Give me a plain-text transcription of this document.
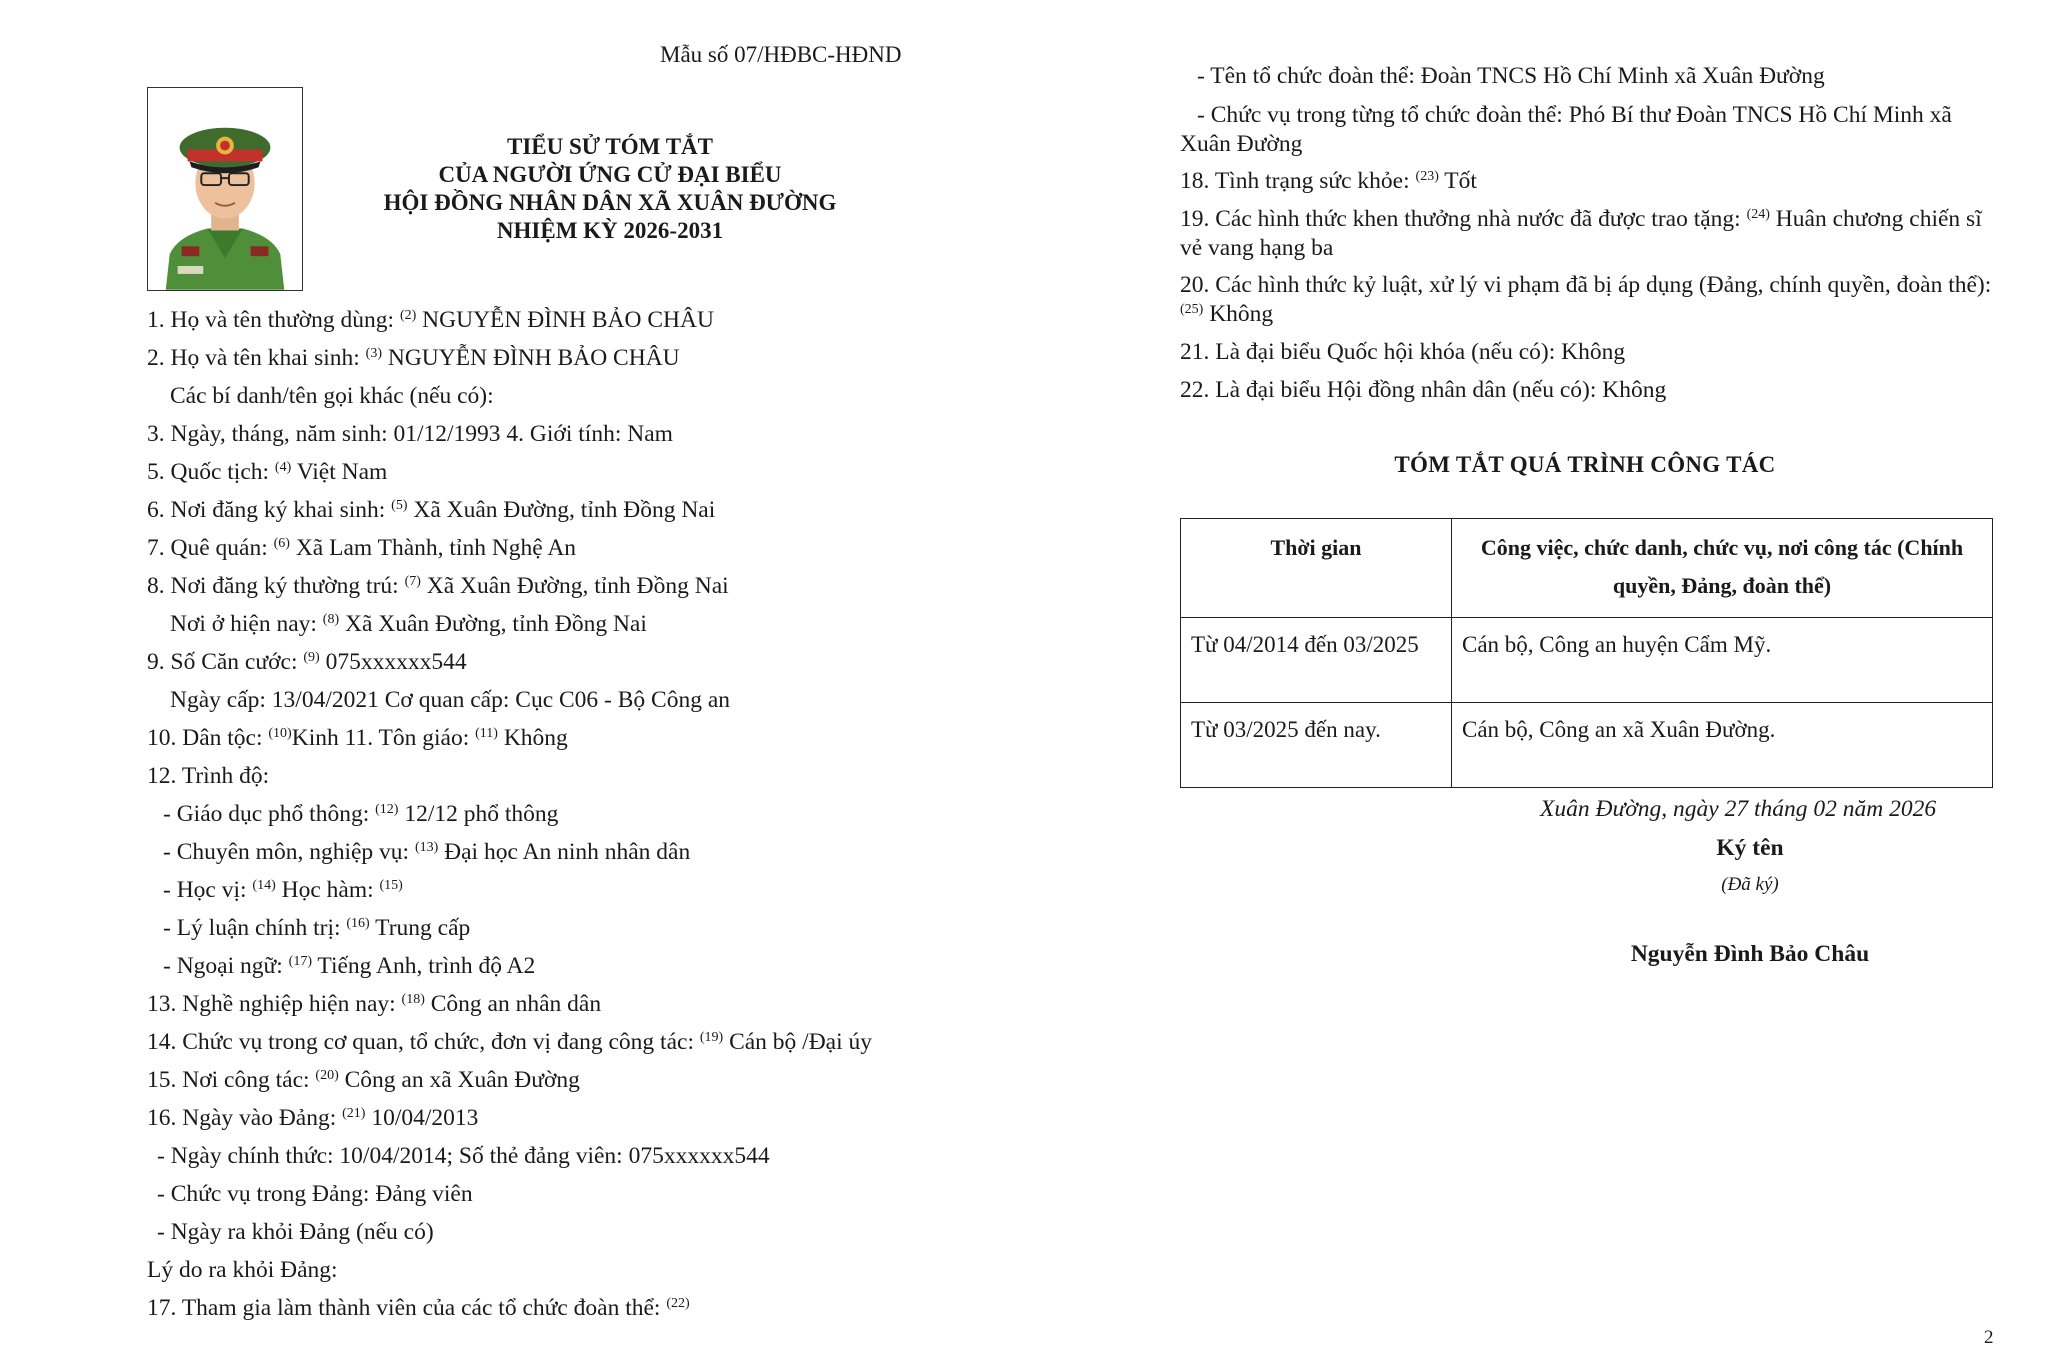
Mẫu số 07/HĐBC-HĐND
TIỂU SỬ TÓM TẮT
CỦA NGƯỜI ỨNG CỬ ĐẠI BIỂU
HỘI ĐỒNG NHÂN DÂN XÃ XUÂN ĐƯỜNG
NHIỆM KỲ 2026-2031
1. Họ và tên thường dùng: $^{(2)}$ NGUYỄN ĐÌNH BẢO CHÂU
2. Họ và tên khai sinh: $^{(3)}$ NGUYỄN ĐÌNH BẢO CHÂU
Các bí danh/tên gọi khác (nếu có):
3. Ngày, tháng, năm sinh: 01/12/1993 4. Giới tính: Nam
5. Quốc tịch: $^{(4)}$ Việt Nam
6. Nơi đăng ký khai sinh: $^{(5)}$ Xã Xuân Đường, tỉnh Đồng Nai
7. Quê quán: $^{(6)}$ Xã Lam Thành, tỉnh Nghệ An
8. Nơi đăng ký thường trú: $^{(7)}$ Xã Xuân Đường, tỉnh Đồng Nai
Nơi ở hiện nay: $^{(8)}$ Xã Xuân Đường, tỉnh Đồng Nai
9. Số Căn cước: $^{(9)}$ 075xxxxxx544
Ngày cấp: 13/04/2021 Cơ quan cấp: Cục C06 - Bộ Công an
10. Dân tộc: $^{(10)}$Kinh 11. Tôn giáo: $^{(11)}$ Không
12. Trình độ:
- Giáo dục phổ thông: $^{(12)}$ 12/12 phổ thông
- Chuyên môn, nghiệp vụ: $^{(13)}$ Đại học An ninh nhân dân
- Học vị: $^{(14)}$ Học hàm: $^{(15)}$
- Lý luận chính trị: $^{(16)}$ Trung cấp
- Ngoại ngữ: $^{(17)}$ Tiếng Anh, trình độ A2
13. Nghề nghiệp hiện nay: $^{(18)}$ Công an nhân dân
14. Chức vụ trong cơ quan, tổ chức, đơn vị đang công tác: $^{(19)}$ Cán bộ /Đại úy
15. Nơi công tác: $^{(20)}$ Công an xã Xuân Đường
16. Ngày vào Đảng: $^{(21)}$ 10/04/2013
- Ngày chính thức: 10/04/2014; Số thẻ đảng viên: 075xxxxxx544
- Chức vụ trong Đảng: Đảng viên
- Ngày ra khỏi Đảng (nếu có)
Lý do ra khỏi Đảng:
17. Tham gia làm thành viên của các tổ chức đoàn thể: $^{(22)}$
- Tên tổ chức đoàn thể: Đoàn TNCS Hồ Chí Minh xã Xuân Đường
- Chức vụ trong từng tổ chức đoàn thể: Phó Bí thư Đoàn TNCS Hồ Chí Minh xã
Xuân Đường
18. Tình trạng sức khỏe: $^{(23)}$ Tốt
19. Các hình thức khen thưởng nhà nước đã được trao tặng: $^{(24)}$ Huân chương chiến sĩ
vẻ vang hạng ba
20. Các hình thức kỷ luật, xử lý vi phạm đã bị áp dụng (Đảng, chính quyền, đoàn thể):
$^{(25)}$ Không
21. Là đại biểu Quốc hội khóa (nếu có): Không
22. Là đại biểu Hội đồng nhân dân (nếu có): Không
TÓM TẮT QUÁ TRÌNH CÔNG TÁC
Thời gian	Công việc, chức danh, chức vụ, nơi công tác (Chính quyền, Đảng, đoàn thể)
Từ 04/2014 đến 03/2025	Cán bộ, Công an huyện Cẩm Mỹ.
Từ 03/2025 đến nay.	Cán bộ, Công an xã Xuân Đường.
Xuân Đường, ngày 27 tháng 02 năm 2026
Ký tên
(Đã ký)
Nguyễn Đình Bảo Châu
2
